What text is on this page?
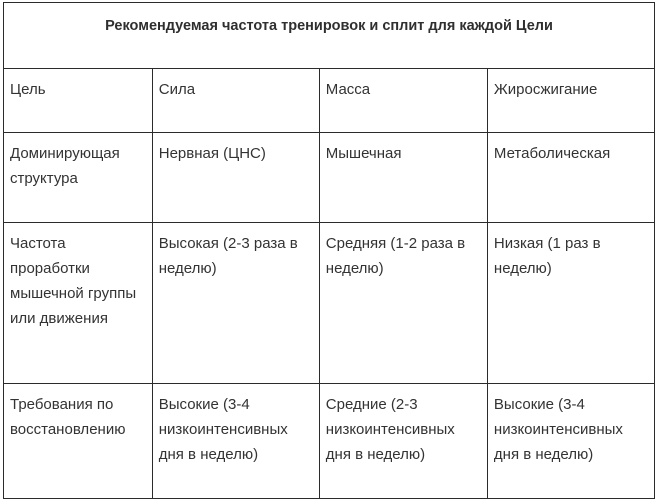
Рекомендуемая частота тренировок и сплит для каждой Цели			
Цель	Сила	Масса	Жиросжигание
Доминирующая структура	Нервная (ЦНС)	Мышечная	Метаболическая
Частота проработки мышечной группы или движения	Высокая (2-3 раза в неделю)	Средняя (1-2 раза в неделю)	Низкая (1 раз в неделю)
Требования по восстановлению	Высокие (3-4 низкоинтенсивных дня в неделю)	Средние (2-3 низкоинтенсивных дня в неделю)	Высокие (3-4 низкоинтенсивных дня в неделю)
